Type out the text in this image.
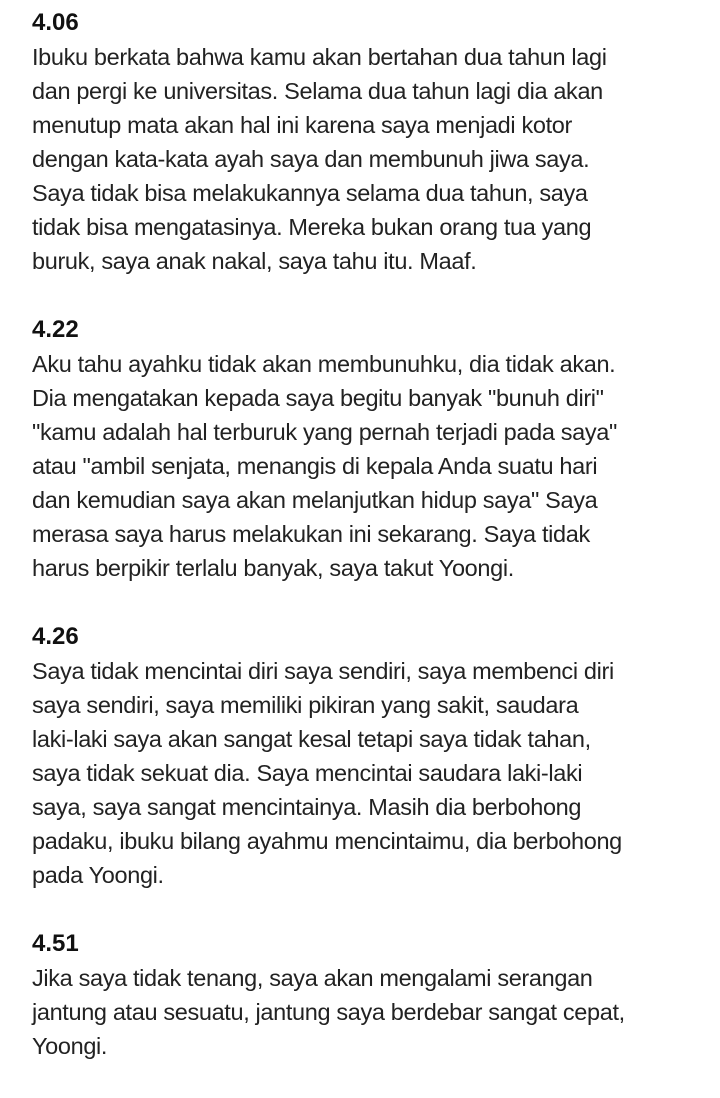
4.06

Ibuku berkata bahwa kamu akan bertahan dua tahun lagi

dan pergi ke universitas. Selama dua tahun lagi dia akan

menutup mata akan hal ini karena saya menjadi kotor

dengan kata-kata ayah saya dan membunuh jiwa saya.

Saya tidak bisa melakukannya selama dua tahun, saya

tidak bisa mengatasinya. Mereka bukan orang tua yang

buruk, saya anak nakal, saya tahu itu. Maaf.

4.22

Aku tahu ayahku tidak akan membunuhku, dia tidak akan.

Dia mengatakan kepada saya begitu banyak "bunuh diri"

"kamu adalah hal terburuk yang pernah terjadi pada saya"

atau "ambil senjata, menangis di kepala Anda suatu hari

dan kemudian saya akan melanjutkan hidup saya" Saya

merasa saya harus melakukan ini sekarang. Saya tidak

harus berpikir terlalu banyak, saya takut Yoongi.

4.26

Saya tidak mencintai diri saya sendiri, saya membenci diri

saya sendiri, saya memiliki pikiran yang sakit, saudara

laki-laki saya akan sangat kesal tetapi saya tidak tahan,

saya tidak sekuat dia. Saya mencintai saudara laki-laki

saya, saya sangat mencintainya. Masih dia berbohong

padaku, ibuku bilang ayahmu mencintaimu, dia berbohong

pada Yoongi.

4.51

Jika saya tidak tenang, saya akan mengalami serangan

jantung atau sesuatu, jantung saya berdebar sangat cepat,

Yoongi.
